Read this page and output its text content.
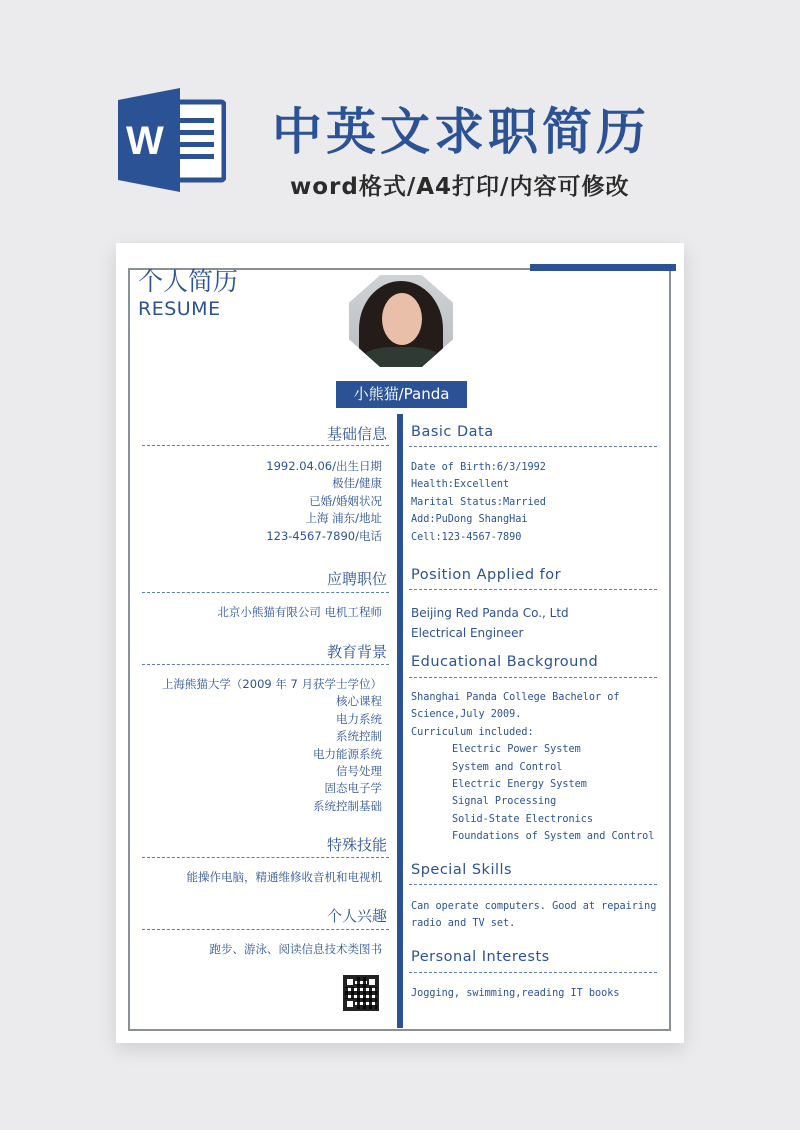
W 中英文求职简历
word格式/A4打印/内容可修改
个人简历
RESUME
小熊猫/Panda
基础信息
1992.04.06/出生日期
极佳/健康
已婚/婚姻状况
上海 浦东/地址
123-4567-7890/电话
应聘职位
北京小熊猫有限公司 电机工程师
教育背景
上海熊猫大学（2009 年 7 月获学士学位）
核心课程
电力系统
系统控制
电力能源系统
信号处理
固态电子学
系统控制基础
特殊技能
能操作电脑，精通维修收音机和电视机
个人兴趣
跑步、游泳、阅读信息技术类图书
Basic Data
Date of Birth:6/3/1992
Health:Excellent
Marital Status:Married
Add:PuDong ShangHai
Cell:123-4567-7890
Position Applied for
Beijing Red Panda Co., Ltd
Electrical Engineer
Educational Background
Shanghai Panda College Bachelor of
Science,July 2009.
Curriculum included:
Electric Power System
System and Control
Electric Energy System
Signal Processing
Solid-State Electronics
Foundations of System and Control
Special Skills
Can operate computers. Good at repairing
radio and TV set.
Personal Interests
Jogging, swimming,reading IT books
